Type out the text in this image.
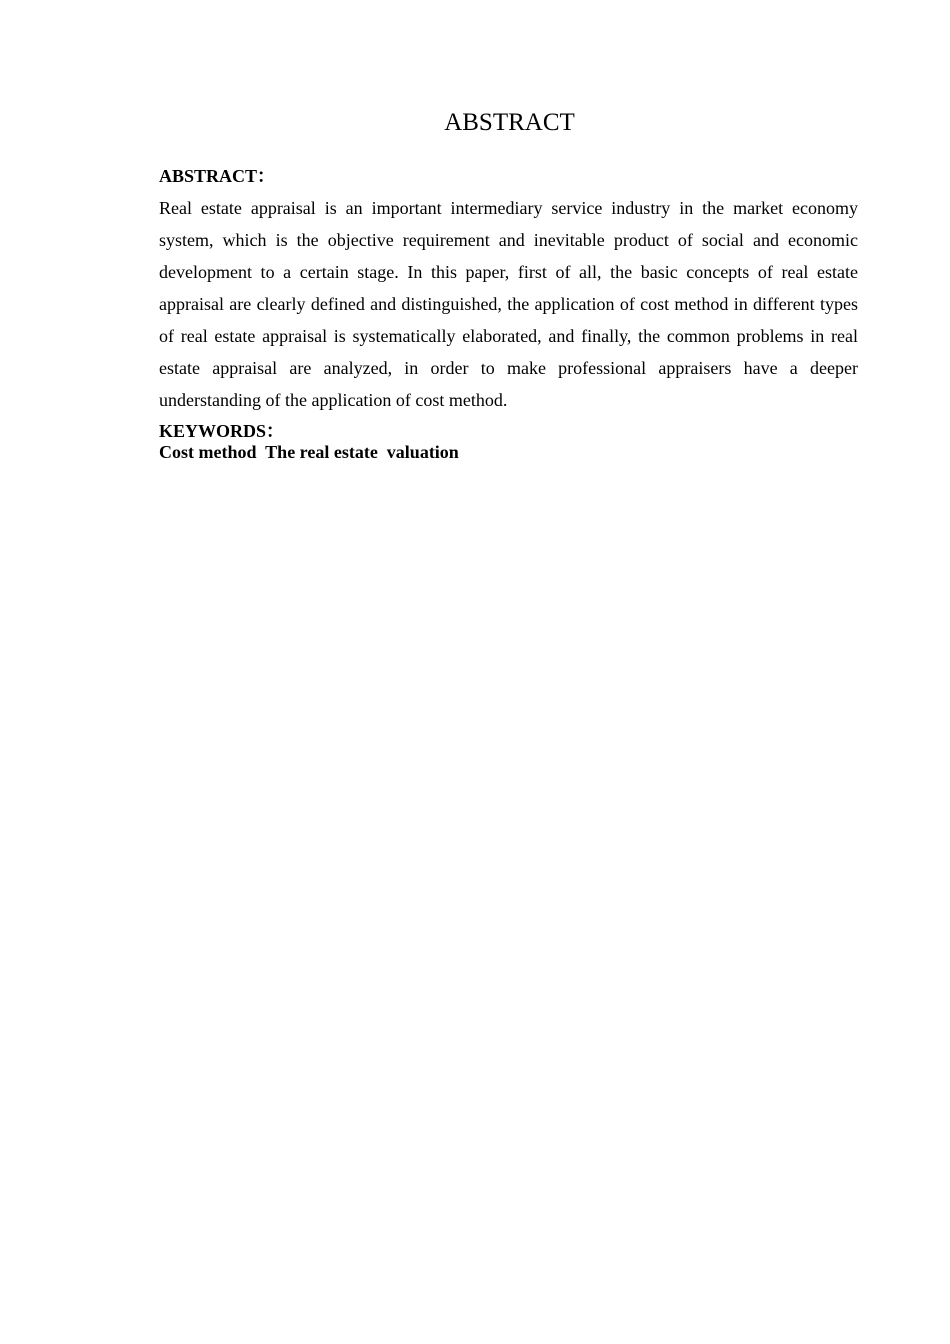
ABSTRACT

ABSTRACT：

Real estate appraisal is an important intermediary service industry in the market economy system, which is the objective requirement and inevitable product of social and economic development to a certain stage. In this paper, first of all, the basic concepts of real estate appraisal are clearly defined and distinguished, the application of cost method in different types of real estate appraisal is systematically elaborated, and finally, the common problems in real estate appraisal are analyzed, in order to make professional appraisers have a deeper understanding of the application of cost method.

KEYWORDS：

Cost method  The real estate  valuation
